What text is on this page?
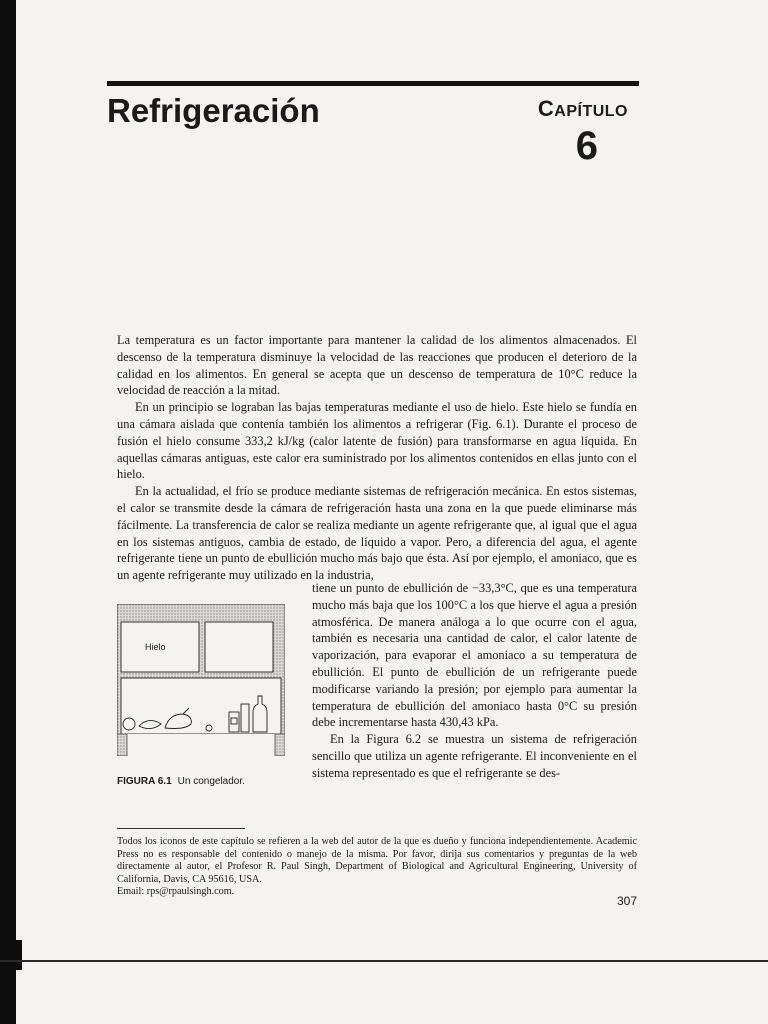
Refrigeración	CAPÍTULO
6

La temperatura es un factor importante para mantener la calidad de los alimentos almacenados. El descenso de la temperatura disminuye la velocidad de las reacciones que producen el deterioro de la calidad en los alimentos. En general se acepta que un descenso de temperatura de 10°C reduce la velocidad de reacción a la mitad.

En un principio se lograban las bajas temperaturas mediante el uso de hielo. Este hielo se fundía en una cámara aislada que contenía también los alimentos a refrigerar (Fig. 6.1). Durante el proceso de fusión el hielo consume 333,2 kJ/kg (calor latente de fusión) para transformarse en agua líquida. En aquellas cámaras antiguas, este calor era suministrado por los alimentos contenidos en ellas junto con el hielo.

En la actualidad, el frío se produce mediante sistemas de refrigeración mecánica. En estos sistemas, el calor se transmite desde la cámara de refrigeración hasta una zona en la que puede eliminarse más fácilmente. La transferencia de calor se realiza mediante un agente refrigerante que, al igual que el agua en los sistemas antiguos, cambia de estado, de líquido a vapor. Pero, a diferencia del agua, el agente refrigerante tiene un punto de ebullición mucho más bajo que ésta. Así por ejemplo, el amoniaco, que es un agente refrigerante muy utilizado en la industria,

Hielo

FIGURA 6.1 Un congelador.

tiene un punto de ebullición de −33,3°C, que es una temperatura mucho más baja que los 100°C a los que hierve el agua a presión atmosférica. De manera análoga a lo que ocurre con el agua, también es necesaria una cantidad de calor, el calor latente de vaporización, para evaporar el amoniaco a su temperatura de ebullición. El punto de ebullición de un refrigerante puede modificarse variando la presión; por ejemplo para aumentar la temperatura de ebullición del amoniaco hasta 0°C su presión debe incrementarse hasta 430,43 kPa.

En la Figura 6.2 se muestra un sistema de refrigeración sencillo que utiliza un agente refrigerante. El inconveniente en el sistema representado es que el refrigerante se des-

Todos los iconos de este capítulo se refieren a la web del autor de la que es dueño y funciona independientemente. Academic Press no es responsable del contenido o manejo de la misma. Por favor, dirija sus comentarios y preguntas de la web directamente al autor, el Profesor R. Paul Singh, Department of Biological and Agricultural Engineering, University of California, Davis, CA 95616, USA.
Email: rps@rpaulsingh.com.

307
